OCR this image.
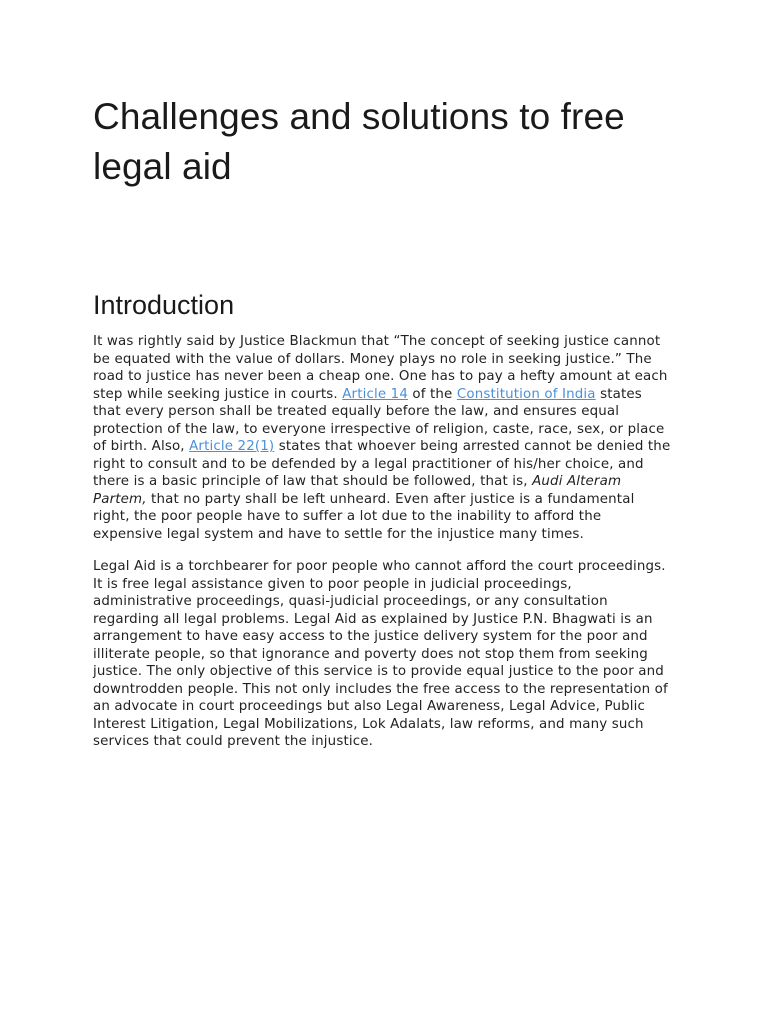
Challenges and solutions to free legal aid
Introduction

It was rightly said by Justice Blackmun that “The concept of seeking justice cannot be equated with the value of dollars. Money plays no role in seeking justice.” The road to justice has never been a cheap one. One has to pay a hefty amount at each step while seeking justice in courts. Article 14 of the Constitution of India states that every person shall be treated equally before the law, and ensures equal protection of the law, to everyone irrespective of religion, caste, race, sex, or place of birth. Also, Article 22(1) states that whoever being arrested cannot be denied the right to consult and to be defended by a legal practitioner of his/her choice, and there is a basic principle of law that should be followed, that is, Audi Alteram Partem, that no party shall be left unheard. Even after justice is a fundamental right, the poor people have to suffer a lot due to the inability to afford the expensive legal system and have to settle for the injustice many times.

Legal Aid is a torchbearer for poor people who cannot afford the court proceedings. It is free legal assistance given to poor people in judicial proceedings, administrative proceedings, quasi-judicial proceedings, or any consultation regarding all legal problems. Legal Aid as explained by Justice P.N. Bhagwati is an arrangement to have easy access to the justice delivery system for the poor and illiterate people, so that ignorance and poverty does not stop them from seeking justice. The only objective of this service is to provide equal justice to the poor and downtrodden people. This not only includes the free access to the representation of an advocate in court proceedings but also Legal Awareness, Legal Advice, Public Interest Litigation, Legal Mobilizations, Lok Adalats, law reforms, and many such services that could prevent the injustice.
